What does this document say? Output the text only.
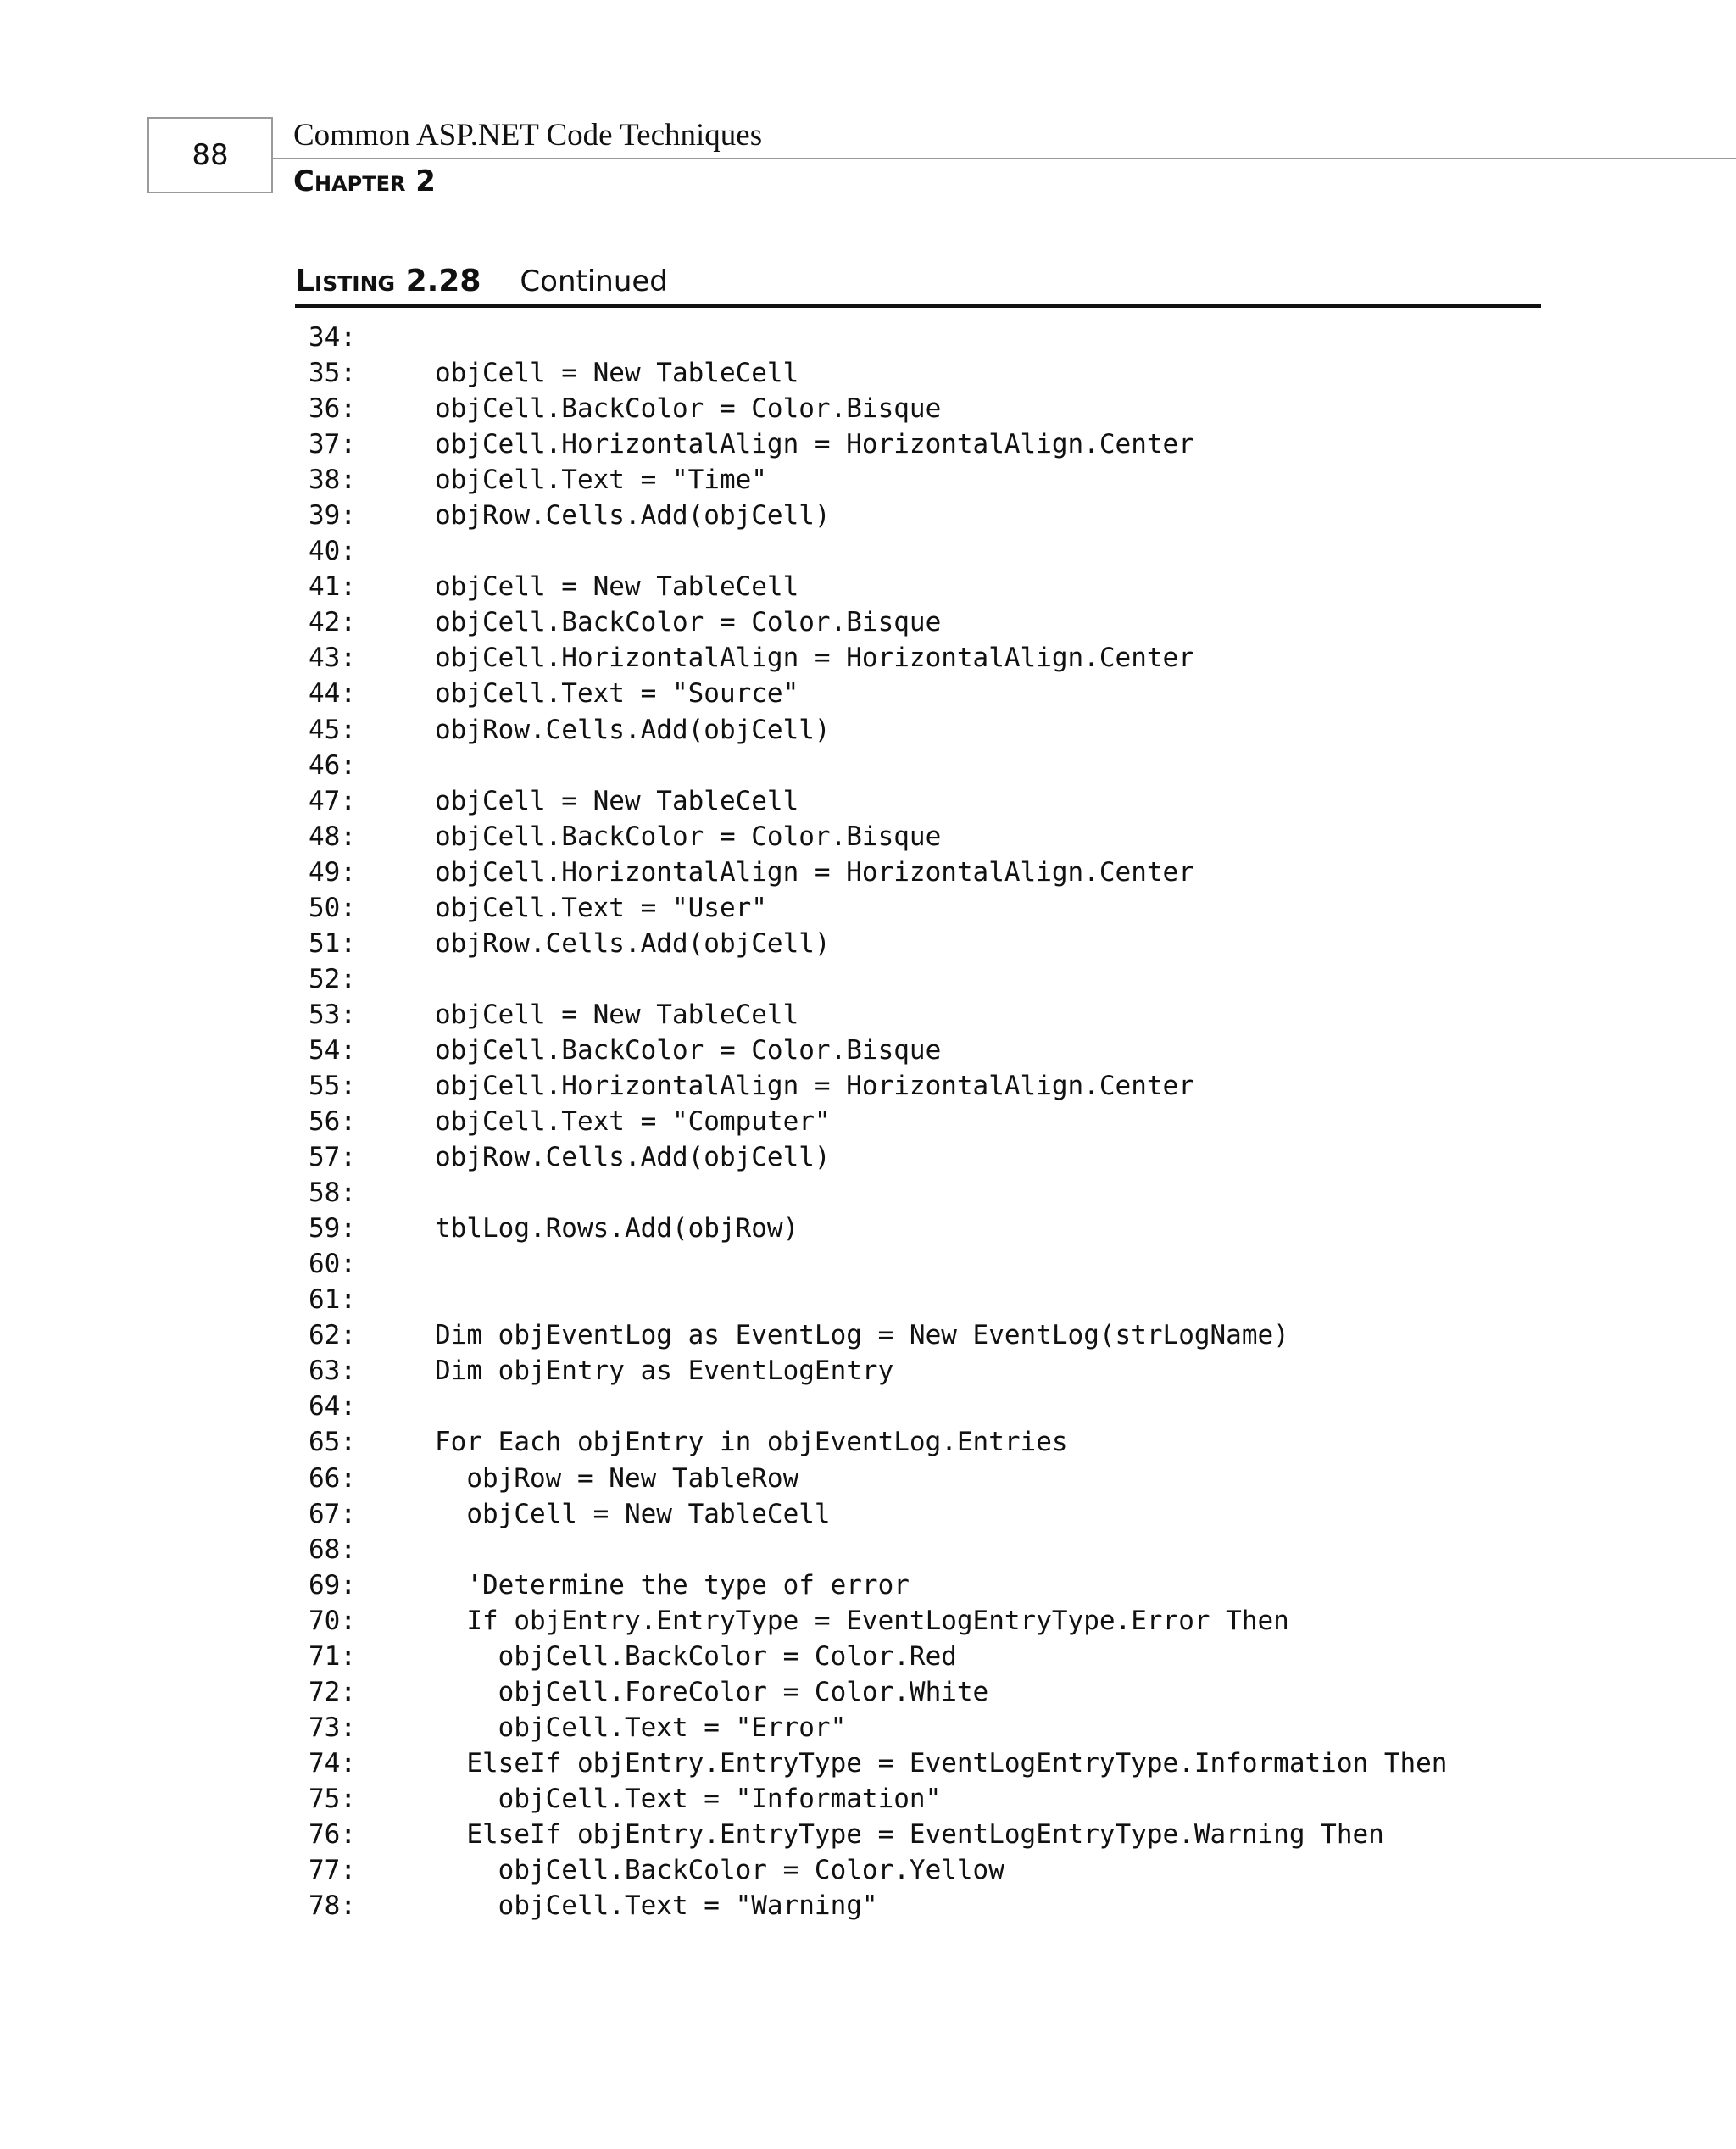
88
Common ASP.NET Code Techniques
Chapter 2
Listing 2.28 Continued
34:
35:	objCell = New TableCell
36:	objCell.BackColor = Color.Bisque
37:	objCell.HorizontalAlign = HorizontalAlign.Center
38:	objCell.Text = "Time"
39:	objRow.Cells.Add(objCell)
40:
41:	objCell = New TableCell
42:	objCell.BackColor = Color.Bisque
43:	objCell.HorizontalAlign = HorizontalAlign.Center
44:	objCell.Text = "Source"
45:	objRow.Cells.Add(objCell)
46:
47:	objCell = New TableCell
48:	objCell.BackColor = Color.Bisque
49:	objCell.HorizontalAlign = HorizontalAlign.Center
50:	objCell.Text = "User"
51:	objRow.Cells.Add(objCell)
52:
53:	objCell = New TableCell
54:	objCell.BackColor = Color.Bisque
55:	objCell.HorizontalAlign = HorizontalAlign.Center
56:	objCell.Text = "Computer"
57:	objRow.Cells.Add(objCell)
58:
59:	tblLog.Rows.Add(objRow)
60:
61:
62:	Dim objEventLog as EventLog = New EventLog(strLogName)
63:	Dim objEntry as EventLogEntry
64:
65:	For Each objEntry in objEventLog.Entries
66:	objRow = New TableRow
67:	objCell = New TableCell
68:
69:	'Determine the type of error
70:	If objEntry.EntryType = EventLogEntryType.Error Then
71:	objCell.BackColor = Color.Red
72:	objCell.ForeColor = Color.White
73:	objCell.Text = "Error"
74:	ElseIf objEntry.EntryType = EventLogEntryType.Information Then
75:	objCell.Text = "Information"
76:	ElseIf objEntry.EntryType = EventLogEntryType.Warning Then
77:	objCell.BackColor = Color.Yellow
78:	objCell.Text = "Warning"
